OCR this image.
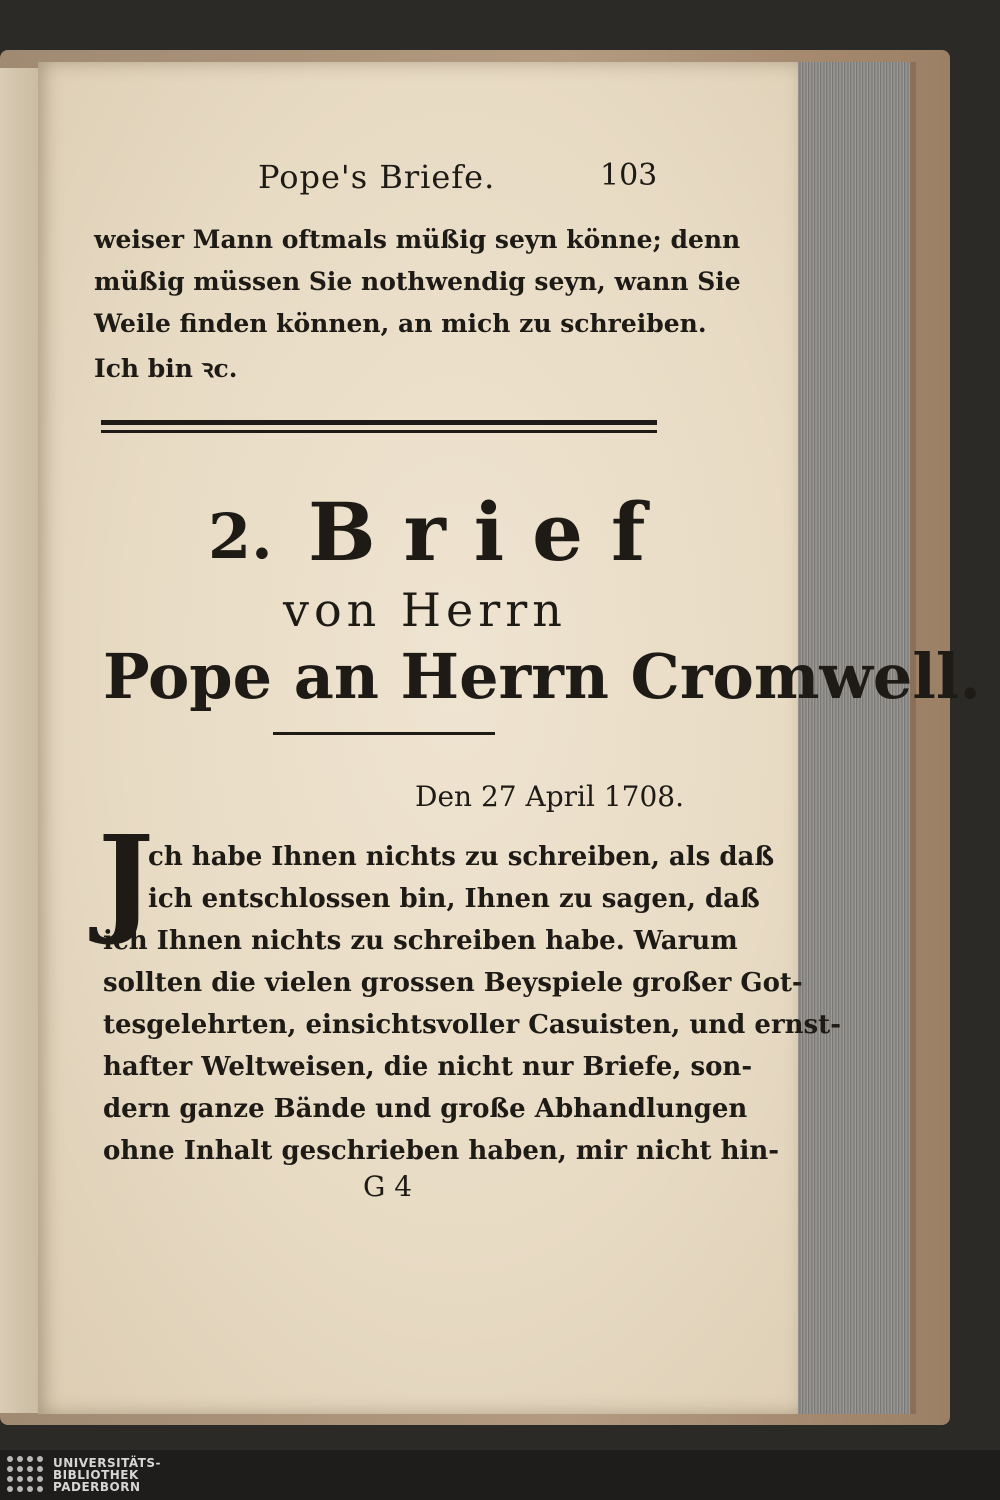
Pope's Briefe.	103
weiser Mann oftmals müßig seyn könne; denn
müßig müssen Sie nothwendig seyn, wann Sie
Weile finden können, an mich zu schreiben.
Ich bin ꝛc.
2. Brief
von Herrn
Pope an Herrn Cromwell.
Den 27 April 1708.
J
ch habe Ihnen nichts zu schreiben, als daß
ich entschlossen bin, Ihnen zu sagen, daß
ich Ihnen nichts zu schreiben habe. Warum
sollten die vielen grossen Beyspiele großer Got-
tesgelehrten, einsichtsvoller Casuisten, und ernst-
hafter Weltweisen, die nicht nur Briefe, son-
dern ganze Bände und große Abhandlungen
ohne Inhalt geschrieben haben, mir nicht hin-
G 4
UNIVERSITÄTS-
BIBLIOTHEK
PADERBORN
